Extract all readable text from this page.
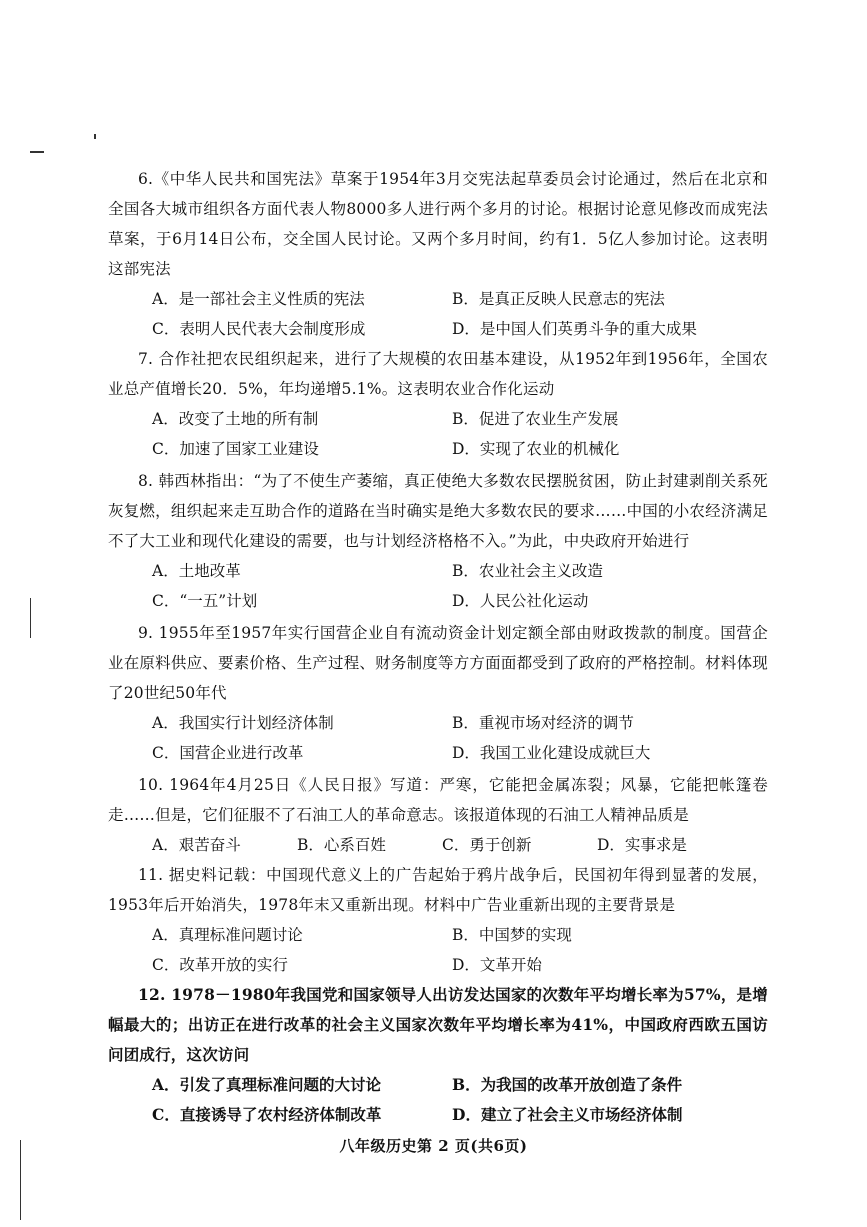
6.《中华人民共和国宪法》草案于1954年3月交宪法起草委员会讨论通过，然后在北京和全国各大城市组织各方面代表人物8000多人进行两个多月的讨论。根据讨论意见修改而成宪法草案，于6月14日公布，交全国人民讨论。又两个多月时间，约有1．5亿人参加讨论。这表明这部宪法

A．是一部社会主义性质的宪法	B．是真正反映人民意志的宪法
C．表明人民代表大会制度形成	D．是中国人们英勇斗争的重大成果

7. 合作社把农民组织起来，进行了大规模的农田基本建设，从1952年到1956年，全国农业总产值增长20．5%，年均递增5.1%。这表明农业合作化运动

A．改变了土地的所有制	B．促进了农业生产发展
C．加速了国家工业建设	D．实现了农业的机械化

8. 韩西林指出：“为了不使生产萎缩，真正使绝大多数农民摆脱贫困，防止封建剥削关系死灰复燃，组织起来走互助合作的道路在当时确实是绝大多数农民的要求……中国的小农经济满足不了大工业和现代化建设的需要，也与计划经济格格不入。”为此，中央政府开始进行

A．土地改革	B．农业社会主义改造
C．“一五”计划	D．人民公社化运动

9. 1955年至1957年实行国营企业自有流动资金计划定额全部由财政拨款的制度。国营企业在原料供应、要素价格、生产过程、财务制度等方方面面都受到了政府的严格控制。材料体现了20世纪50年代

A．我国实行计划经济体制	B．重视市场对经济的调节
C．国营企业进行改革	D．我国工业化建设成就巨大

10. 1964年4月25日《人民日报》写道：严寒，它能把金属冻裂；风暴，它能把帐篷卷走……但是，它们征服不了石油工人的革命意志。该报道体现的石油工人精神品质是

A．艰苦奋斗	B．心系百姓	C．勇于创新	D．实事求是

11. 据史料记载：中国现代意义上的广告起始于鸦片战争后，民国初年得到显著的发展，1953年后开始消失，1978年末又重新出现。材料中广告业重新出现的主要背景是

A．真理标准问题讨论	B．中国梦的实现
C．改革开放的实行	D．文革开始

12. 1978－1980年我国党和国家领导人出访发达国家的次数年平均增长率为57%，是增幅最大的；出访正在进行改革的社会主义国家次数年平均增长率为41%，中国政府西欧五国访问团成行，这次访问

A．引发了真理标准问题的大讨论	B．为我国的改革开放创造了条件
C．直接诱导了农村经济体制改革	D．建立了社会主义市场经济体制
八年级历史第 2 页(共6页)
